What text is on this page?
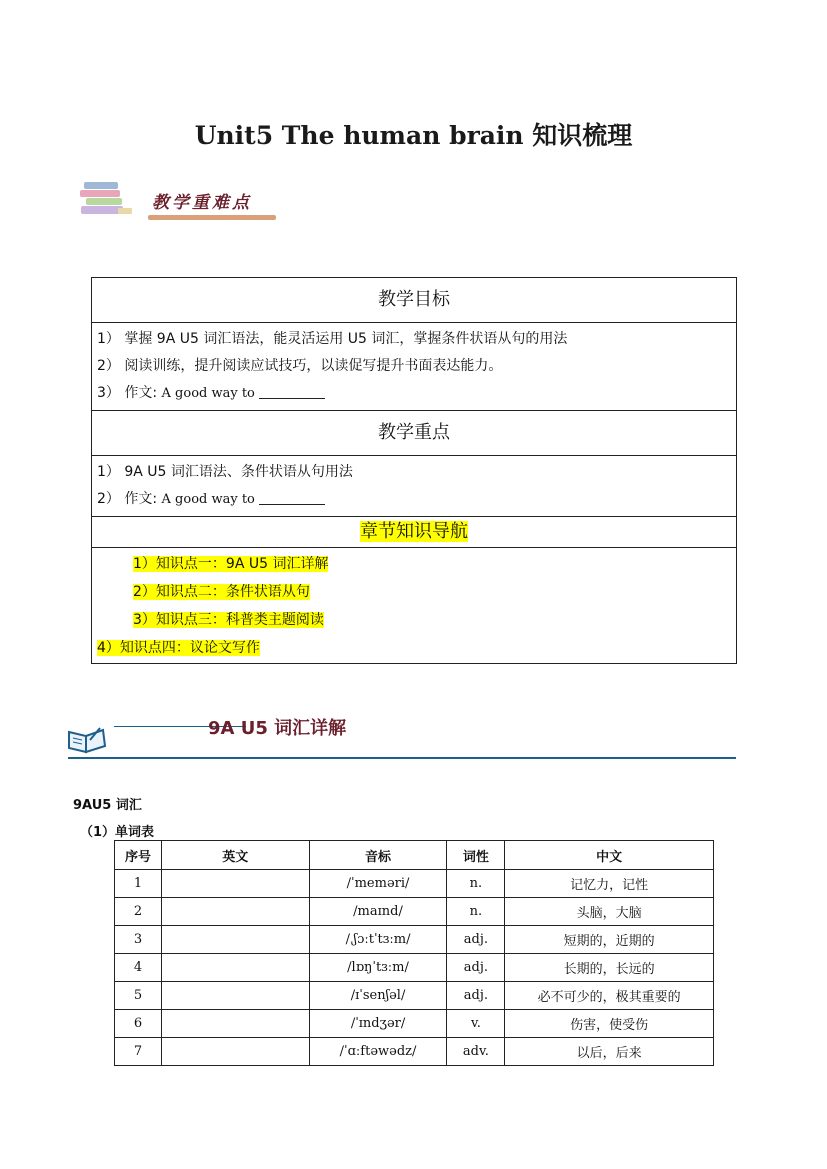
Unit5 The human brain 知识梳理
教学重难点
教学目标
1） 掌握 9A U5 词汇语法，能灵活运用 U5 词汇，掌握条件状语从句的用法
2） 阅读训练，提升阅读应试技巧，以读促写提升书面表达能力。
3） 作文: A good way to
教学重点
1） 9A U5 词汇语法、条件状语从句用法
2） 作文: A good way to
章节知识导航
1）知识点一：9A U5 词汇详解
2）知识点二：条件状语从句
3）知识点三：科普类主题阅读
4）知识点四：议论文写作
9A U5 词汇详解
9AU5 词汇
（1）单词表
序号	英文	音标	词性	中文
1		/ˈmeməri/	n.	记忆力，记性
2		/maɪnd/	n.	头脑，大脑
3		/ˌʃɔːtˈtɜːm/	adj.	短期的，近期的
4		/lɒŋˈtɜːm/	adj.	长期的，长远的
5		/ɪˈsenʃəl/	adj.	必不可少的，极其重要的
6		/ˈɪndʒər/	v.	伤害，使受伤
7		/ˈɑːftəwədz/	adv.	以后，后来
